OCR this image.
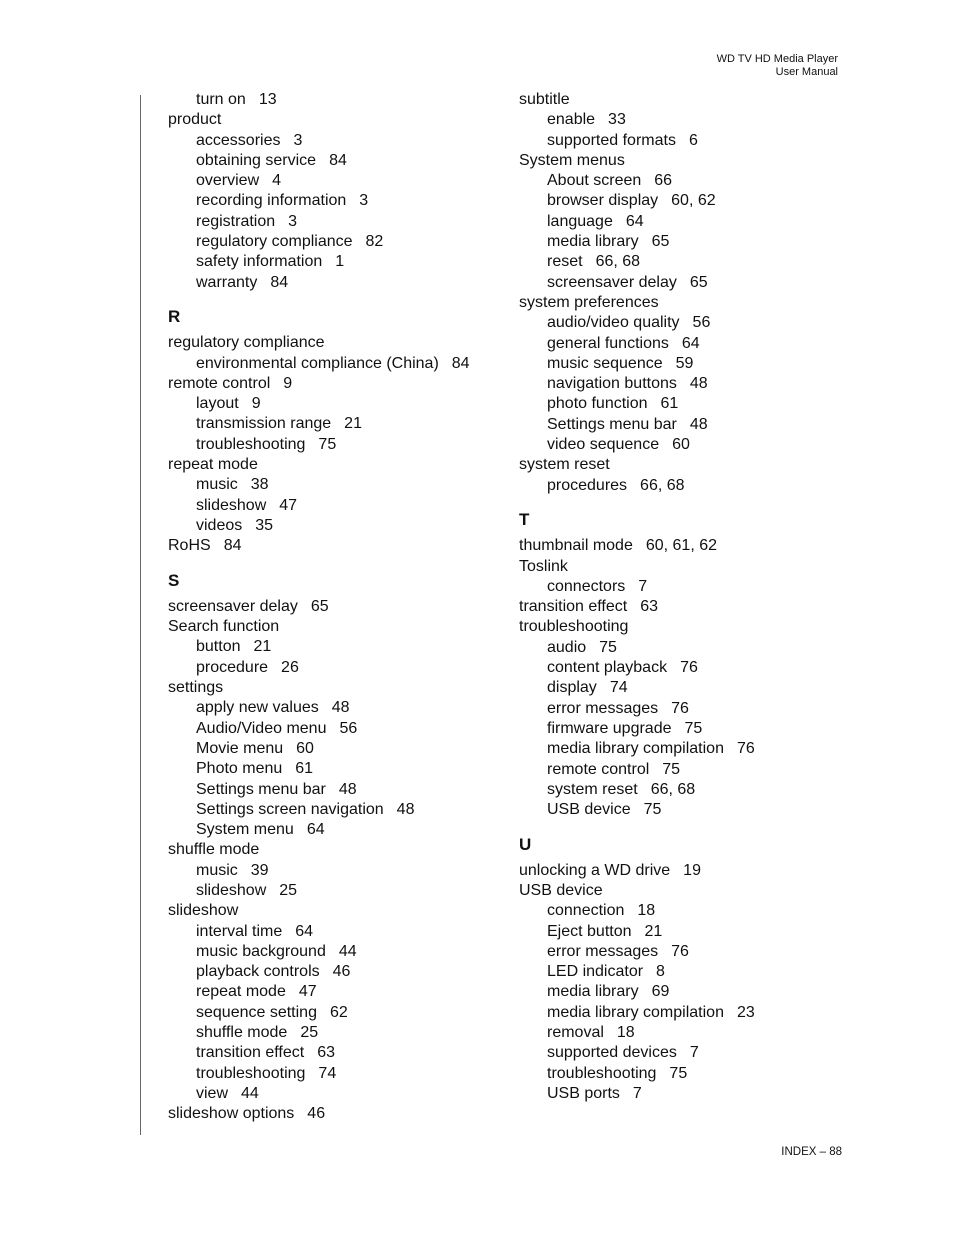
WD TV HD Media Player
User Manual
turn on 13
product
accessories 3
obtaining service 84
overview 4
recording information 3
registration 3
regulatory compliance 82
safety information 1
warranty 84
R
regulatory compliance
environmental compliance (China) 84
remote control 9
layout 9
transmission range 21
troubleshooting 75
repeat mode
music 38
slideshow 47
videos 35
RoHS 84
S
screensaver delay 65
Search function
button 21
procedure 26
settings
apply new values 48
Audio/Video menu 56
Movie menu 60
Photo menu 61
Settings menu bar 48
Settings screen navigation 48
System menu 64
shuffle mode
music 39
slideshow 25
slideshow
interval time 64
music background 44
playback controls 46
repeat mode 47
sequence setting 62
shuffle mode 25
transition effect 63
troubleshooting 74
view 44
slideshow options 46
subtitle
enable 33
supported formats 6
System menus
About screen 66
browser display 60, 62
language 64
media library 65
reset 66, 68
screensaver delay 65
system preferences
audio/video quality 56
general functions 64
music sequence 59
navigation buttons 48
photo function 61
Settings menu bar 48
video sequence 60
system reset
procedures 66, 68
T
thumbnail mode 60, 61, 62
Toslink
connectors 7
transition effect 63
troubleshooting
audio 75
content playback 76
display 74
error messages 76
firmware upgrade 75
media library compilation 76
remote control 75
system reset 66, 68
USB device 75
U
unlocking a WD drive 19
USB device
connection 18
Eject button 21
error messages 76
LED indicator 8
media library 69
media library compilation 23
removal 18
supported devices 7
troubleshooting 75
USB ports 7
INDEX – 88
